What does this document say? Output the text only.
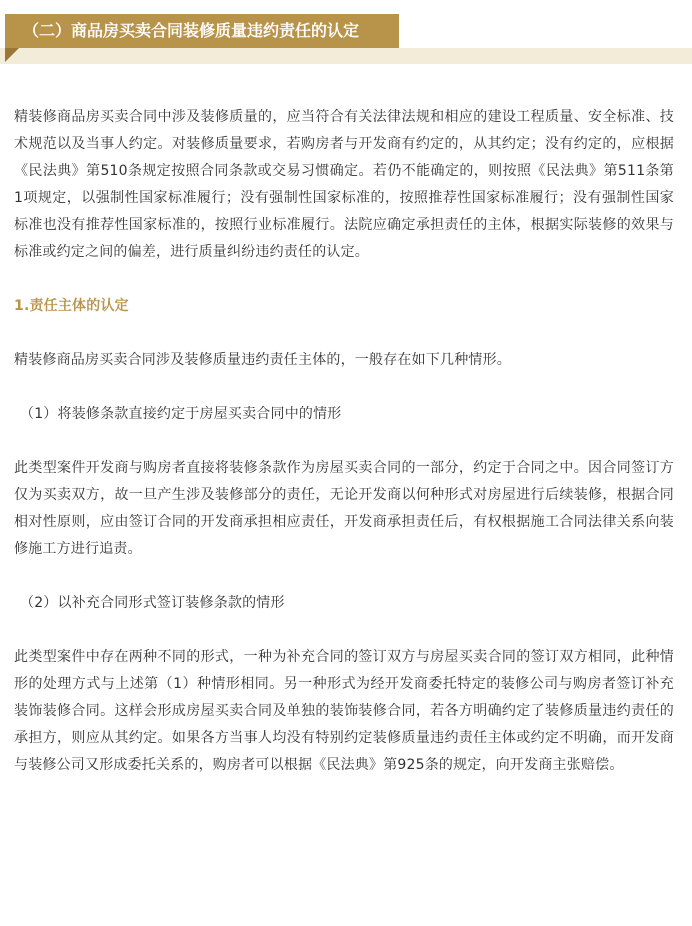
（二）商品房买卖合同装修质量违约责任的认定

精装修商品房买卖合同中涉及装修质量的，应当符合有关法律法规和相应的建设工程质量、安全标准、技术规范以及当事人约定。对装修质量要求，若购房者与开发商有约定的，从其约定；没有约定的，应根据《民法典》第510条规定按照合同条款或交易习惯确定。若仍不能确定的，则按照《民法典》第511条第1项规定，以强制性国家标准履行；没有强制性国家标准的，按照推荐性国家标准履行；没有强制性国家标准也没有推荐性国家标准的，按照行业标准履行。法院应确定承担责任的主体，根据实际装修的效果与标准或约定之间的偏差，进行质量纠纷违约责任的认定。

1.责任主体的认定

精装修商品房买卖合同涉及装修质量违约责任主体的，一般存在如下几种情形。

（1）将装修条款直接约定于房屋买卖合同中的情形

此类型案件开发商与购房者直接将装修条款作为房屋买卖合同的一部分，约定于合同之中。因合同签订方仅为买卖双方，故一旦产生涉及装修部分的责任，无论开发商以何种形式对房屋进行后续装修，根据合同相对性原则，应由签订合同的开发商承担相应责任，开发商承担责任后，有权根据施工合同法律关系向装修施工方进行追责。

（2）以补充合同形式签订装修条款的情形

此类型案件中存在两种不同的形式，一种为补充合同的签订双方与房屋买卖合同的签订双方相同，此种情形的处理方式与上述第（1）种情形相同。另一种形式为经开发商委托特定的装修公司与购房者签订补充装饰装修合同。这样会形成房屋买卖合同及单独的装饰装修合同，若各方明确约定了装修质量违约责任的承担方，则应从其约定。如果各方当事人均没有特别约定装修质量违约责任主体或约定不明确，而开发商与装修公司又形成委托关系的，购房者可以根据《民法典》第925条的规定，向开发商主张赔偿。
